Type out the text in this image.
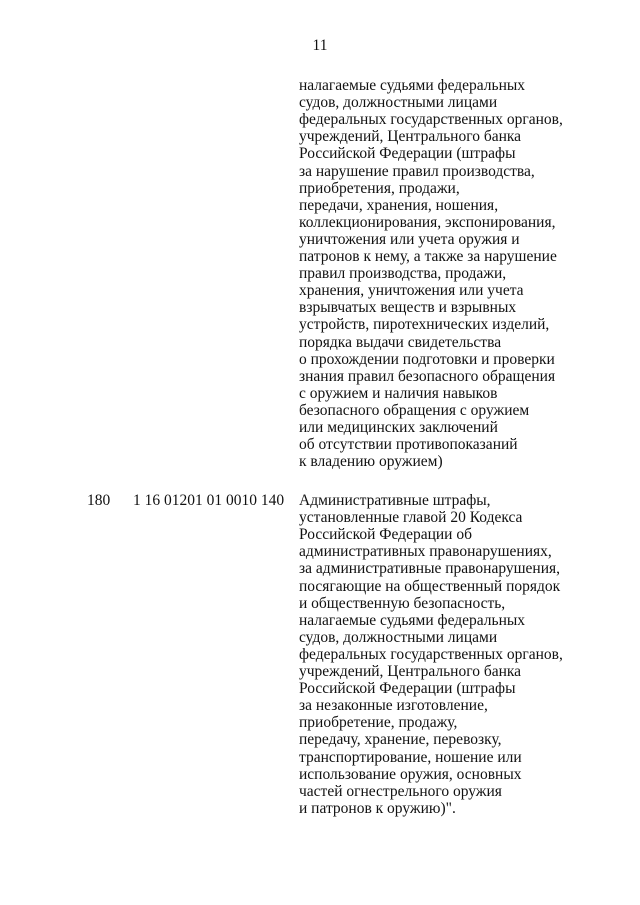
11
налагаемые судьями федеральных
судов, должностными лицами
федеральных государственных органов,
учреждений, Центрального банка
Российской Федерации (штрафы
за нарушение правил производства,
приобретения, продажи,
передачи, хранения, ношения,
коллекционирования, экспонирования,
уничтожения или учета оружия и
патронов к нему, а также за нарушение
правил производства, продажи,
хранения, уничтожения или учета
взрывчатых веществ и взрывных
устройств, пиротехнических изделий,
порядка выдачи свидетельства
о прохождении подготовки и проверки
знания правил безопасного обращения
с оружием и наличия навыков
безопасного обращения с оружием
или медицинских заключений
об отсутствии противопоказаний
к владению оружием)
180 1 16 01201 01 0010 140 Административные штрафы,
установленные главой 20 Кодекса
Российской Федерации об
административных правонарушениях,
за административные правонарушения,
посягающие на общественный порядок
и общественную безопасность,
налагаемые судьями федеральных
судов, должностными лицами
федеральных государственных органов,
учреждений, Центрального банка
Российской Федерации (штрафы
за незаконные изготовление,
приобретение, продажу,
передачу, хранение, перевозку,
транспортирование, ношение или
использование оружия, основных
частей огнестрельного оружия
и патронов к оружию)".
